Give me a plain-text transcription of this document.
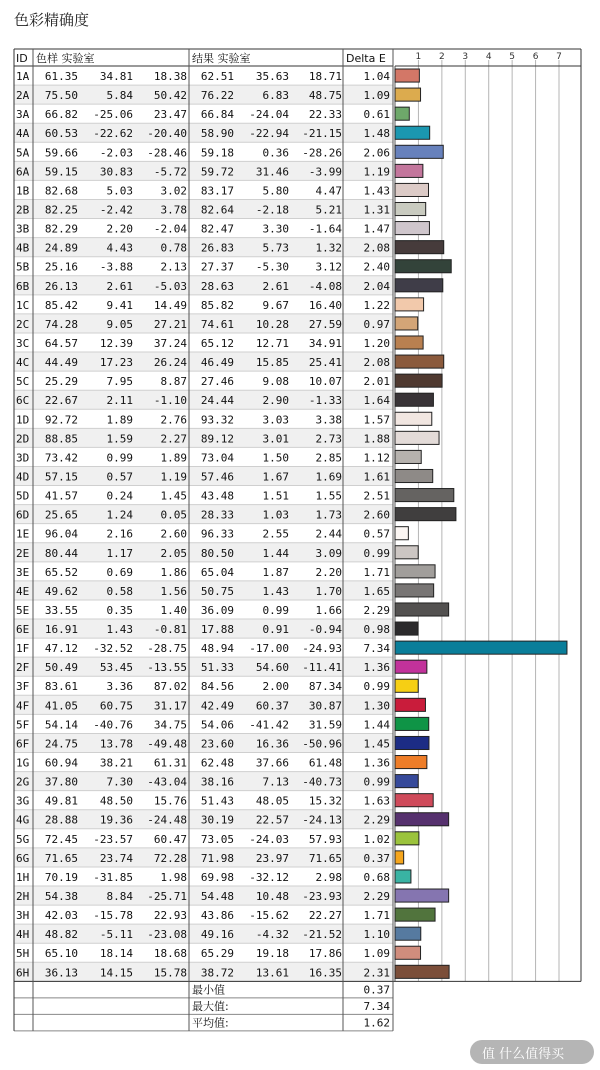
色彩精确度
1 2 3 4 5 6 7
ID 色样 实验室	结果 实验室	Delta E
1A 61.35 34.81 18.38 62.51 35.63 18.71 1.04
2A 75.50	5.84 50.42 76.22	6.83 48.75 1.09
3A 66.82 -25.06 23.47 66.84 -24.04 22.33 0.61
4A 60.53 -22.62 -20.40 58.90 -22.94 -21.15 1.48
5A 59.66 -2.03 -28.46 59.18	0.36 -28.26 2.06
6A 59.15 30.83 -5.72 59.72 31.46 -3.99 1.19
1B 82.68	5.03	3.02 83.17	5.80 4.47 1.43
2B 82.25 -2.42	3.78 82.64 -2.18 5.21 1.31
3B 82.29	2.20 -2.04 82.47	3.30 -1.64 1.47
4B 24.89	4.43	0.78 26.83	5.73 1.32 2.08
5B 25.16 -3.88	2.13 27.37 -5.30 3.12 2.40
6B 26.13	2.61 -5.03 28.63	2.61 -4.08 2.04
1C 85.42	9.41 14.49 85.82	9.67 16.40 1.22
2C 74.28	9.05 27.21 74.61 10.28 27.59 0.97
3C 64.57 12.39 37.24 65.12 12.71 34.91 1.20
4C 44.49 17.23 26.24 46.49 15.85 25.41 2.08
5C 25.29	7.95	8.87 27.46	9.08 10.07 2.01
6C 22.67	2.11 -1.10 24.44	2.90 -1.33 1.64
1D 92.72	1.89	2.76 93.32	3.03 3.38 1.57
2D 88.85	1.59	2.27 89.12	3.01 2.73 1.88
3D 73.42	0.99	1.89 73.04	1.50 2.85 1.12
4D 57.15	0.57	1.19 57.46	1.67 1.69 1.61
5D 41.57	0.24	1.45 43.48	1.51 1.55 2.51
6D 25.65	1.24	0.05 28.33	1.03 1.73 2.60
1E 96.04	2.16	2.60 96.33	2.55 2.44 0.57
2E 80.44	1.17	2.05 80.50	1.44 3.09 0.99
3E 65.52	0.69	1.86 65.04	1.87 2.20 1.71
4E 49.62	0.58	1.56 50.75	1.43 1.70 1.65
5E 33.55	0.35	1.40 36.09	0.99 1.66 2.29
6E 16.91	1.43 -0.81 17.88	0.91 -0.94 0.98
1F 47.12 -32.52 -28.75 48.94 -17.00 -24.93 7.34
2F 50.49 53.45 -13.55 51.33 54.60 -11.41 1.36
3F 83.61	3.36 87.02 84.56	2.00 87.34 0.99
4F 41.05 60.75 31.17 42.49 60.37 30.87 1.30
5F 54.14 -40.76 34.75 54.06 -41.42 31.59 1.44
6F 24.75 13.78 -49.48 23.60 16.36 -50.96 1.45
1G 60.94 38.21 61.31 62.48 37.66 61.48 1.36
2G 37.80	7.30 -43.04 38.16	7.13 -40.73 0.99
3G 49.81 48.50 15.76 51.43 48.05 15.32 1.63
4G 28.88 19.36 -24.48 30.19 22.57 -24.13 2.29
5G 72.45 -23.57 60.47 73.05 -24.03 57.93 1.02
6G 71.65 23.74 72.28 71.98 23.97 71.65 0.37
1H 70.19 -31.85	1.98 69.98 -32.12 2.98 0.68
2H 54.38	8.84 -25.71 54.48 10.48 -23.93 2.29
3H 42.03 -15.78 22.93 43.86 -15.62 22.27 1.71
4H 48.82 -5.11 -23.08 49.16 -4.32 -21.52 1.10
5H 65.10 18.14 18.68 65.29 19.18 17.86 1.09
6H 36.13 14.15 15.78 38.72 13.61 16.35 2.31
最小值	0.37
最大值:	7.34
平均值:	1.62
值 什么值得买
